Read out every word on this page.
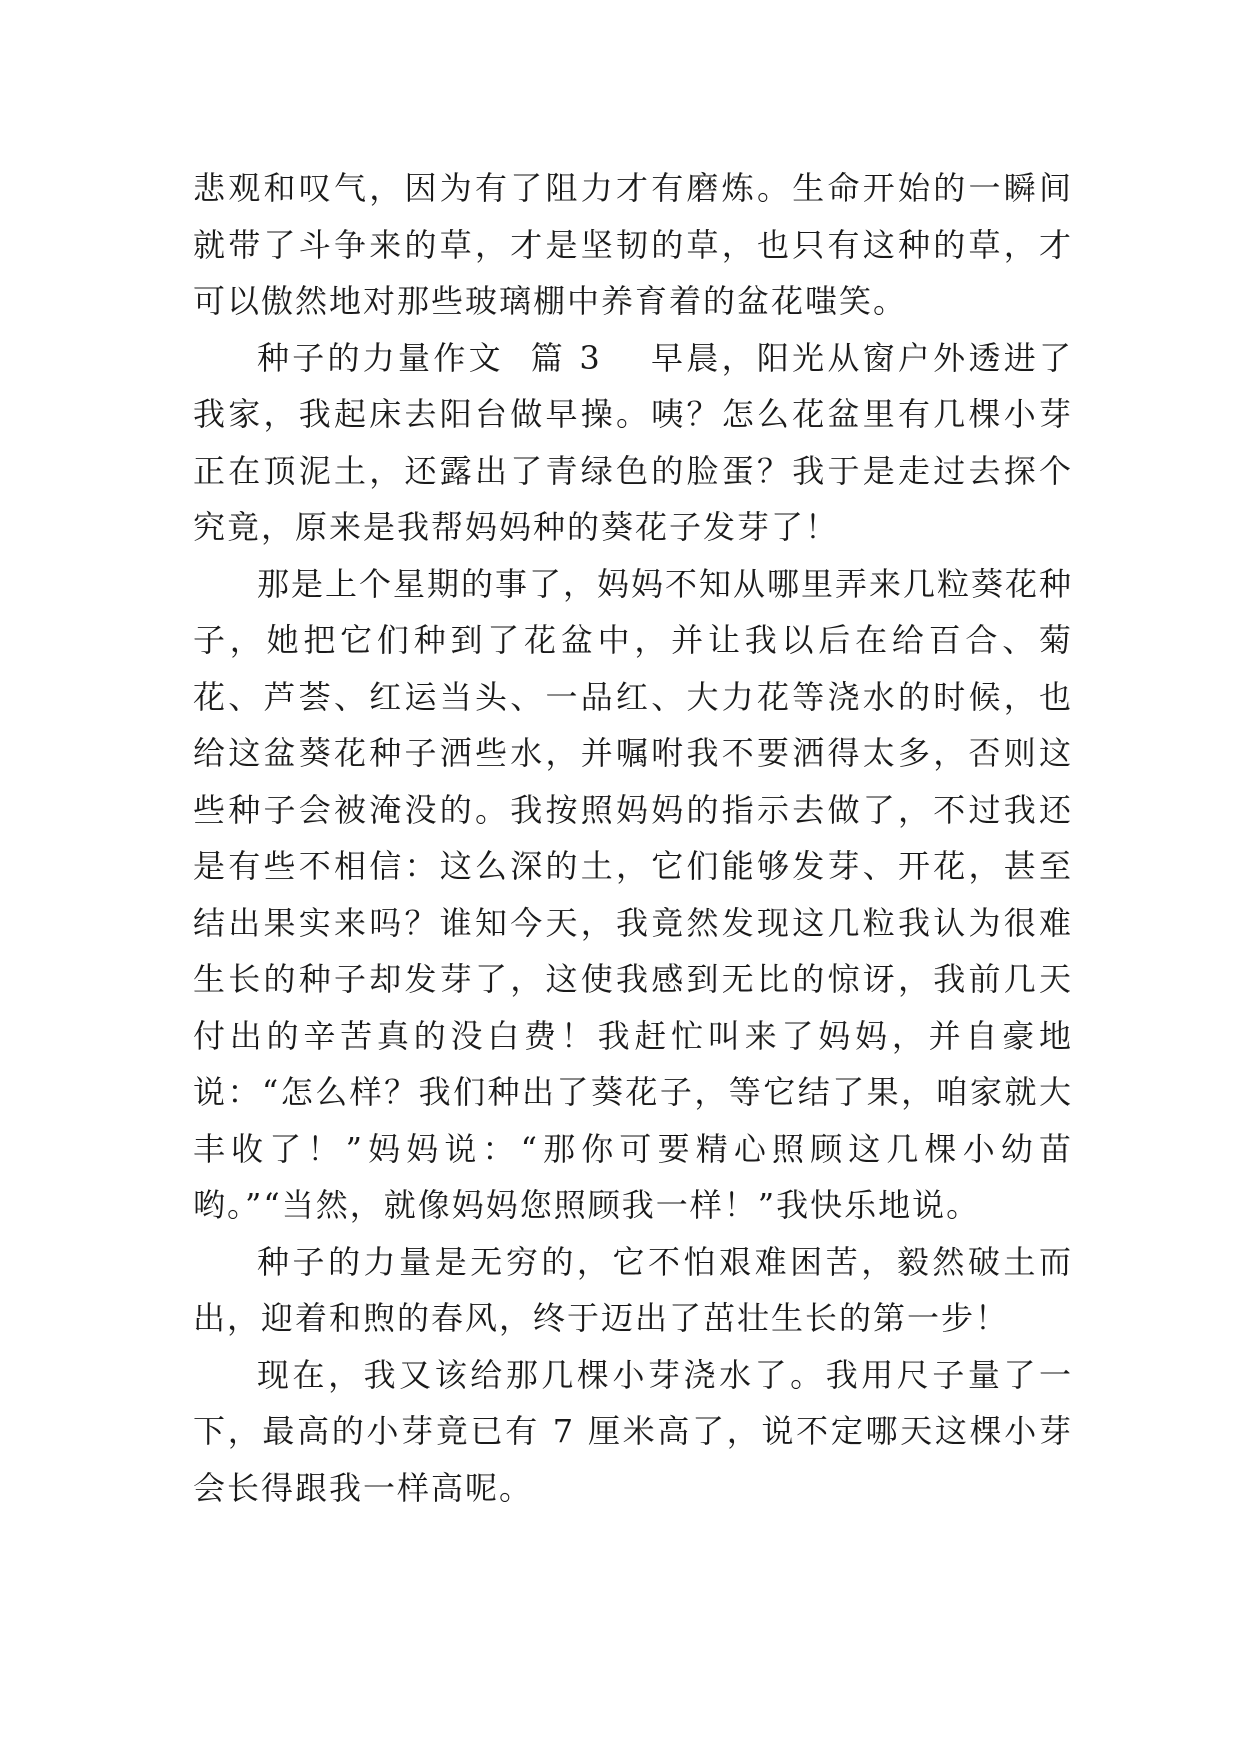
悲观和叹气，因为有了阻力才有磨炼。生命开始的一瞬间就带了斗争来的草，才是坚韧的草，也只有这种的草，才可以傲然地对那些玻璃棚中养育着的盆花嗤笑。

种子的力量作文  篇 3 早晨，阳光从窗户外透进了我家，我起床去阳台做早操。咦？怎么花盆里有几棵小芽正在顶泥土，还露出了青绿色的脸蛋？我于是走过去探个究竟，原来是我帮妈妈种的葵花子发芽了！

那是上个星期的事了，妈妈不知从哪里弄来几粒葵花种子，她把它们种到了花盆中，并让我以后在给百合、菊花、芦荟、红运当头、一品红、大力花等浇水的时候，也给这盆葵花种子洒些水，并嘱咐我不要洒得太多，否则这些种子会被淹没的。我按照妈妈的指示去做了，不过我还是有些不相信：这么深的土，它们能够发芽、开花，甚至结出果实来吗？谁知今天，我竟然发现这几粒我认为很难生长的种子却发芽了，这使我感到无比的惊讶，我前几天付出的辛苦真的没白费！我赶忙叫来了妈妈，并自豪地说：“怎么样？我们种出了葵花子，等它结了果，咱家就大丰收了！”妈妈说：“那你可要精心照顾这几棵小幼苗哟。”“当然，就像妈妈您照顾我一样！”我快乐地说。

种子的力量是无穷的，它不怕艰难困苦，毅然破土而出，迎着和煦的春风，终于迈出了茁壮生长的第一步！

现在，我又该给那几棵小芽浇水了。我用尺子量了一下，最高的小芽竟已有 7 厘米高了，说不定哪天这棵小芽会长得跟我一样高呢。
